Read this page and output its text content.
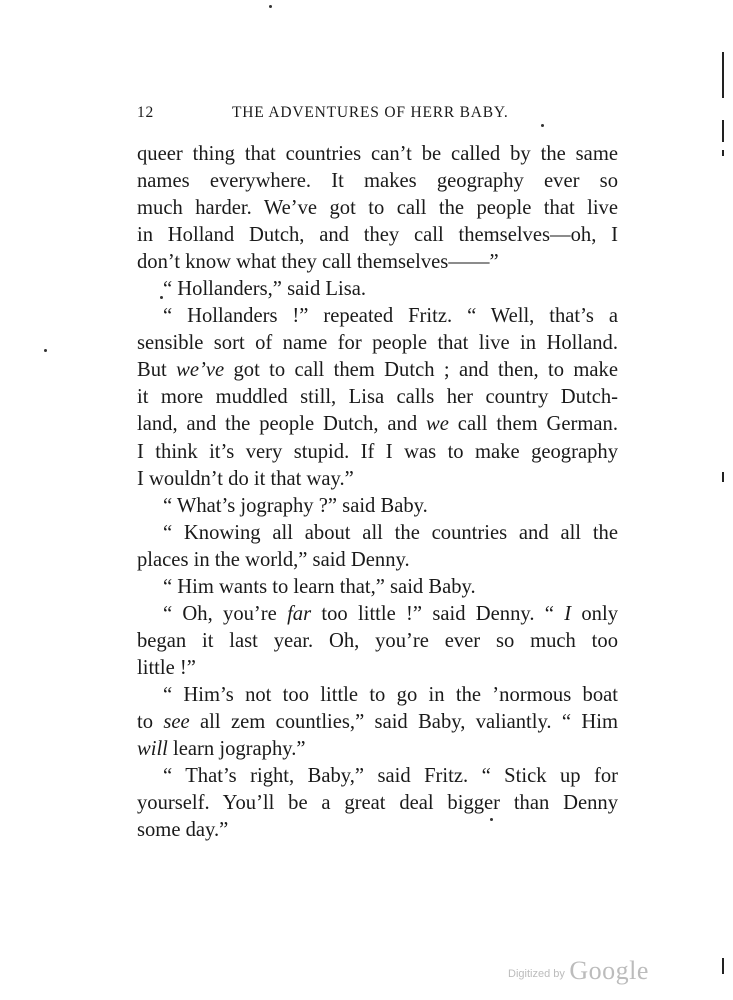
12	THE ADVENTURES OF HERR BABY.
queer thing that countries can’t be called by the same
names everywhere. It makes geography ever so
much harder. We’ve got to call the people that live
in Holland Dutch, and they call themselves—oh, I
don’t know what they call themselves——”
“ Hollanders,” said Lisa.
“ Hollanders !” repeated Fritz. “ Well, that’s a
sensible sort of name for people that live in Holland.
But we’ve got to call them Dutch ; and then, to make
it more muddled still, Lisa calls her country Dutch-
land, and the people Dutch, and we call them German.
I think it’s very stupid. If I was to make geography
I wouldn’t do it that way.”
“ What’s jography ?” said Baby.
“ Knowing all about all the countries and all the
places in the world,” said Denny.
“ Him wants to learn that,” said Baby.
“ Oh, you’re far too little !” said Denny. “ I only
began it last year. Oh, you’re ever so much too
little !”
“ Him’s not too little to go in the ’normous boat
to see all zem countlies,” said Baby, valiantly. “ Him
will learn jography.”
“ That’s right, Baby,” said Fritz. “ Stick up for
yourself. You’ll be a great deal bigger than Denny
some day.”
Digitized by Google
